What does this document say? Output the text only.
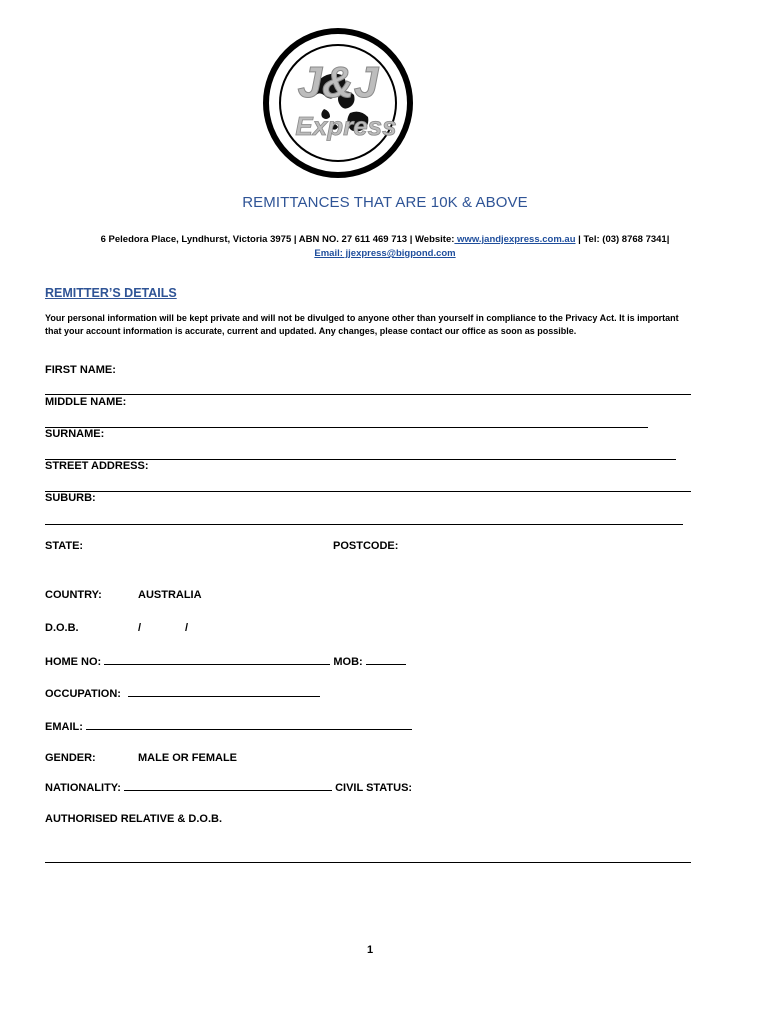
J&J
Express
REMITTANCES THAT ARE 10K & ABOVE
6 Peledora Place, Lyndhurst, Victoria 3975 | ABN NO. 27 611 469 713 | Website: www.jandjexpress.com.au | Tel: (03) 8768 7341|
Email: jjexpress@bigpond.com
REMITTER’S DETAILS
Your personal information will be kept private and will not be divulged to anyone other than yourself in compliance to the Privacy Act. It is important that your account information is accurate, current and updated. Any changes, please contact our office as soon as possible.
FIRST NAME:
MIDDLE NAME:
SURNAME:
STREET ADDRESS:
SUBURB:
STATE:	POSTCODE:
COUNTRY:	AUSTRALIA
D.O.B.	/	/
HOME NO:	MOB:
OCCUPATION:
EMAIL:
GENDER:	MALE OR FEMALE
NATIONALITY:	CIVIL STATUS:
AUTHORISED RELATIVE & D.O.B.
1
